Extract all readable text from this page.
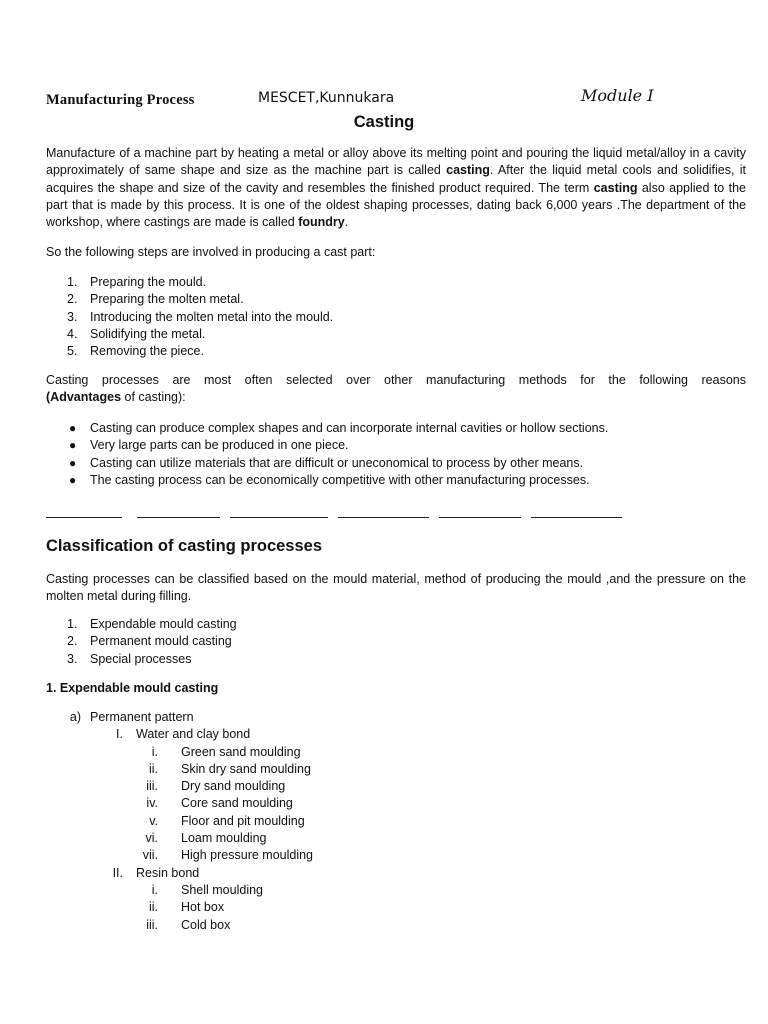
Manufacturing Process	MESCET,Kunnukara	Module I
Casting

Manufacture of a machine part by heating a metal or alloy above its melting point and pouring the liquid metal/alloy in a cavity approximately of same shape and size as the machine part is called casting. After the liquid metal cools and solidifies, it acquires the shape and size of the cavity and resembles the finished product required. The term casting also applied to the part that is made by this process. It is one of the oldest shaping processes, dating back 6,000 years .The department of the workshop, where castings are made is called foundry.

So the following steps are involved in producing a cast part:
1. Preparing the mould.
2. Preparing the molten metal.
3. Introducing the molten metal into the mould.
4. Solidifying the metal.
5. Removing the piece.

Casting processes are most often selected over other manufacturing methods for the following reasons

(Advantages of casting):

● Casting can produce complex shapes and can incorporate internal cavities or hollow sections.
● Very large parts can be produced in one piece.
● Casting can utilize materials that are difficult or uneconomical to process by other means.
● The casting process can be economically competitive with other manufacturing processes.
Classification of casting processes
Casting processes can be classified based on the mould material, method of producing the mould ,and the pressure on the molten metal during filling.
1. Expendable mould casting
2. Permanent mould casting
3. Special processes
1. Expendable mould casting
a) Permanent pattern
I. Water and clay bond
i. Green sand moulding
ii. Skin dry sand moulding
iii. Dry sand moulding
iv. Core sand moulding
v. Floor and pit moulding
vi. Loam moulding
vii. High pressure moulding
II. Resin bond
i. Shell moulding
ii. Hot box
iii. Cold box
